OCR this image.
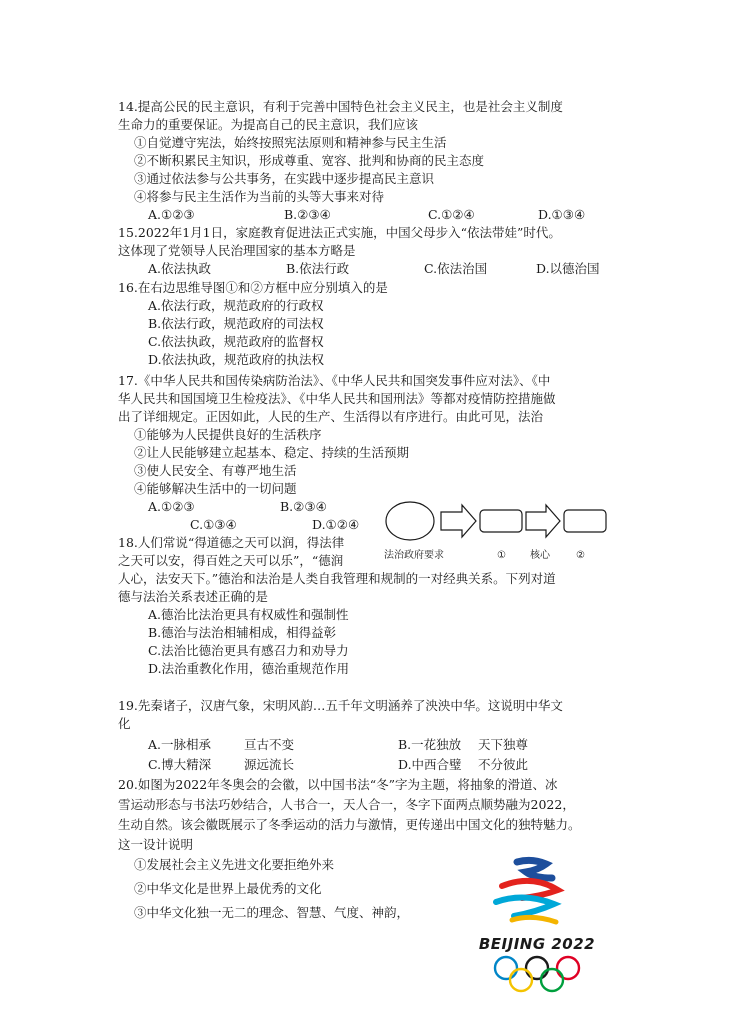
14.提高公民的民主意识，有利于完善中国特色社会主义民主，也是社会主义制度
生命力的重要保证。为提高自己的民主意识，我们应该
①自觉遵守宪法，始终按照宪法原则和精神参与民主生活
②不断积累民主知识，形成尊重、宽容、批判和协商的民主态度
③通过依法参与公共事务，在实践中逐步提高民主意识
④将参与民主生活作为当前的头等大事来对待
A.①②③	B.②③④	C.①②④	D.①③④
15.2022年1月1日，家庭教育促进法正式实施，中国父母步入“依法带娃”时代。
这体现了党领导人民治理国家的基本方略是
A.依法执政	B.依法行政	C.依法治国	D.以德治国
16.在右边思维导图①和②方框中应分别填入的是
A.依法行政，规范政府的行政权
B.依法行政，规范政府的司法权
C.依法执政，规范政府的监督权
D.依法执政，规范政府的执法权
17.《中华人民共和国传染病防治法》、《中华人民共和国突发事件应对法》、《中
华人民共和国国境卫生检疫法》、《中华人民共和国刑法》等都对疫情防控措施做
出了详细规定。正因如此，人民的生产、生活得以有序进行。由此可见，法治
①能够为人民提供良好的生活秩序
②让人民能够建立起基本、稳定、持续的生活预期
③使人民安全、有尊严地生活
④能够解决生活中的一切问题
A.①②③	B.②③④
C.①③④	D.①②④
法治政府要求	① 核心	②
18.人们常说“得道德之天可以润，得法律
之天可以安，得百姓之天可以乐”，“德润
人心，法安天下。”德治和法治是人类自我管理和规制的一对经典关系。下列对道
德与法治关系表述正确的是
A.德治比法治更具有权威性和强制性
B.德治与法治相辅相成，相得益彰
C.法治比德治更具有感召力和劝导力
D.法治重教化作用，德治重规范作用
19.先秦诸子，汉唐气象，宋明风韵…五千年文明涵养了泱泱中华。这说明中华文
化
A.一脉相承	亘古不变	B.一花独放 天下独尊
C.博大精深	源远流长	D.中西合璧 不分彼此
20.如图为2022年冬奥会的会徽，以中国书法“冬”字为主题，将抽象的滑道、冰
雪运动形态与书法巧妙结合，人书合一，天人合一，冬字下面两点顺势融为2022，
生动自然。该会徽既展示了冬季运动的活力与激情，更传递出中国文化的独特魅力。
这一设计说明
①发展社会主义先进文化要拒绝外来
②中华文化是世界上最优秀的文化
③中华文化独一无二的理念、智慧、气度、神韵，
BEIJING 2022
